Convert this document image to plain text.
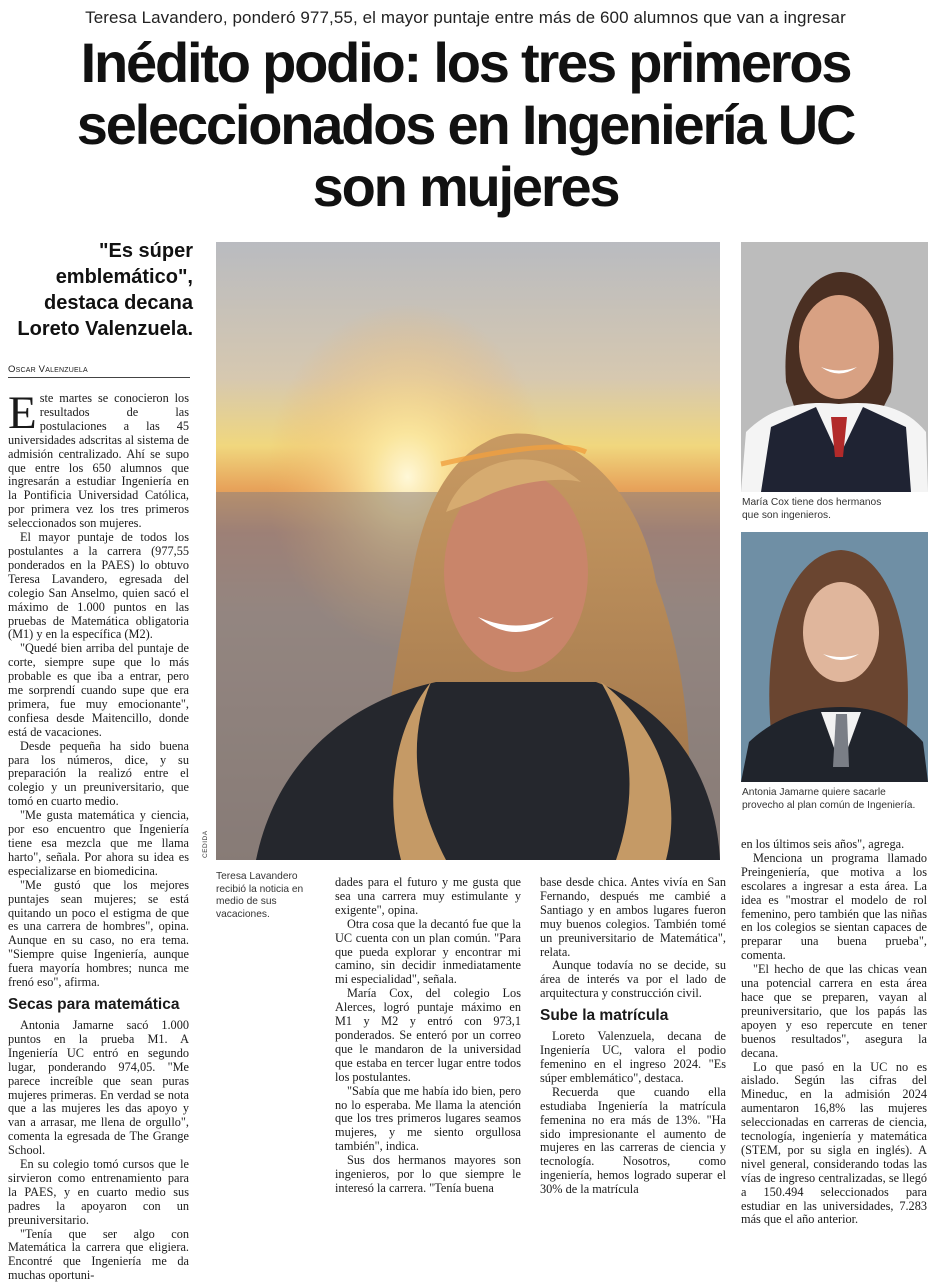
Teresa Lavandero, ponderó 977,55, el mayor puntaje entre más de 600 alumnos que van a ingresar
Inédito podio: los tres primeros
seleccionados en Ingeniería UC
son mujeres
"Es súper emblemático", destaca decana Loreto Valenzuela.
Oscar Valenzuela
CEDIDA
María Cox tiene dos hermanos que son ingenieros.
Antonia Jamarne quiere sacarle provecho al plan común de Ingeniería.

Este martes se conocieron los resultados de las postulaciones a las 45 universidades adscritas al sistema de admisión centralizado. Ahí se supo que entre los 650 alumnos que ingresarán a estudiar Ingeniería en la Pontificia Universidad Católica, por primera vez los tres primeros seleccionados son mujeres.

El mayor puntaje de todos los postulantes a la carrera (977,55 ponderados en la PAES) lo obtuvo Teresa Lavandero, egresada del colegio San Anselmo, quien sacó el máximo de 1.000 puntos en las pruebas de Matemática obligatoria (M1) y en la específica (M2).

"Quedé bien arriba del puntaje de corte, siempre supe que lo más probable es que iba a entrar, pero me sorprendí cuando supe que era primera, fue muy emocionante", confiesa desde Maitencillo, donde está de vacaciones.

Desde pequeña ha sido buena para los números, dice, y su preparación la realizó entre el colegio y un preuniversitario, que tomó en cuarto medio.

"Me gusta matemática y ciencia, por eso encuentro que Ingeniería tiene esa mezcla que me llama harto", señala. Por ahora su idea es especializarse en biomedicina.

"Me gustó que los mejores puntajes sean mujeres; se está quitando un poco el estigma de que es una carrera de hombres", opina. Aunque en su caso, no era tema. "Siempre quise Ingeniería, aunque fuera mayoría hombres; nunca me frenó eso", afirma.

Secas para matemática

Antonia Jamarne sacó 1.000 puntos en la prueba M1. A Ingeniería UC entró en segundo lugar, ponderando 974,05. "Me parece increíble que sean puras mujeres primeras. En verdad se nota que a las mujeres les das apoyo y van a arrasar, me llena de orgullo", comenta la egresada de The Grange School.

En su colegio tomó cursos que le sirvieron como entrenamiento para la PAES, y en cuarto medio sus padres la apoyaron con un preuniversitario.

"Tenía que ser algo con Matemática la carrera que eligiera. Encontré que Ingeniería me da muchas oportuni-

Teresa Lavandero recibió la noticia en medio de sus vacaciones.

dades para el futuro y me gusta que sea una carrera muy estimulante y exigente", opina.

Otra cosa que la decantó fue que la UC cuenta con un plan común. "Para que pueda explorar y encontrar mi camino, sin decidir inmediatamente mi especialidad", señala.

María Cox, del colegio Los Alerces, logró puntaje máximo en M1 y M2 y entró con 973,1 ponderados. Se enteró por un correo que le mandaron de la universidad que estaba en tercer lugar entre todos los postulantes.

"Sabía que me había ido bien, pero no lo esperaba. Me llama la atención que los tres primeros lugares seamos mujeres, y me siento orgullosa también", indica.

Sus dos hermanos mayores son ingenieros, por lo que siempre le interesó la carrera. "Tenía buena

base desde chica. Antes vivía en San Fernando, después me cambié a Santiago y en ambos lugares fueron muy buenos colegios. También tomé un preuniversitario de Matemática", relata.

Aunque todavía no se decide, su área de interés va por el lado de arquitectura y construcción civil.

Sube la matrícula

Loreto Valenzuela, decana de Ingeniería UC, valora el podio femenino en el ingreso 2024. "Es súper emblemático", destaca.

Recuerda que cuando ella estudiaba Ingeniería la matrícula femenina no era más de 13%. "Ha sido impresionante el aumento de mujeres en las carreras de ciencia y tecnología. Nosotros, como ingeniería, hemos logrado superar el 30% de la matrícula

en los últimos seis años", agrega.

Menciona un programa llamado Preingeniería, que motiva a los escolares a ingresar a esta área. La idea es "mostrar el modelo de rol femenino, pero también que las niñas en los colegios se sientan capaces de preparar una buena prueba", comenta.

"El hecho de que las chicas vean una potencial carrera en esta área hace que se preparen, vayan al preuniversitario, que los papás las apoyen y eso repercute en tener buenos resultados", asegura la decana.

Lo que pasó en la UC no es aislado. Según las cifras del Mineduc, en la admisión 2024 aumentaron 16,8% las mujeres seleccionadas en carreras de ciencia, tecnología, ingeniería y matemática (STEM, por su sigla en inglés). A nivel general, considerando todas las vías de ingreso centralizadas, se llegó a 150.494 seleccionados para estudiar en las universidades, 7.283 más que el año anterior.
